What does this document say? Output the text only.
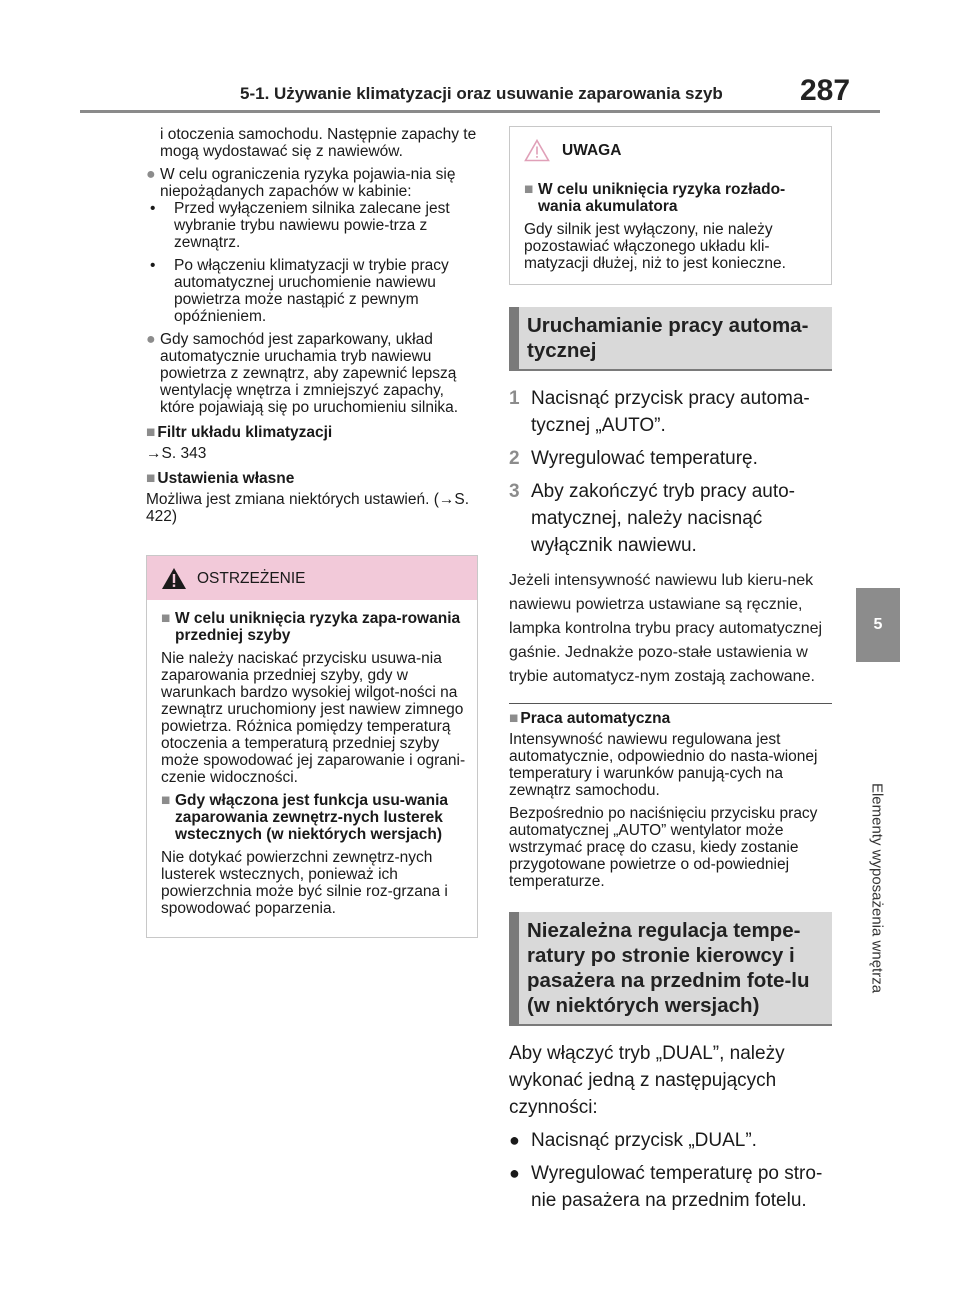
5-1. Używanie klimatyzacji oraz usuwanie zaparowania szyb	287
5
Elementy wyposażenia wnętrza

i otoczenia samochodu. Następnie zapachy te mogą wydostawać się z nawiewów.

● W celu ograniczenia ryzyka pojawia-nia się niepożądanych zapachów w kabinie:

• Przed wyłączeniem silnika zalecane jest wybranie trybu nawiewu powie-trza z zewnątrz.

• Po włączeniu klimatyzacji w trybie pracy automatycznej uruchomienie nawiewu powietrza może nastąpić z pewnym opóźnieniem.

● Gdy samochód jest zaparkowany, układ automatycznie uruchamia tryb nawiewu powietrza z zewnątrz, aby zapewnić lepszą wentylację wnętrza i zmniejszyć zapachy, które pojawiają się po uruchomieniu silnika.

■ Filtr układu klimatyzacji

→S. 343

■ Ustawienia własne

Możliwa jest zmiana niektórych ustawień. (→S. 422)

OSTRZEŻENIE
■ W celu uniknięcia ryzyka zapa-rowania przedniej szyby

Nie należy naciskać przycisku usuwa-nia zaparowania przedniej szyby, gdy w warunkach bardzo wysokiej wilgot-ności na zewnątrz uruchomiony jest nawiew zimnego powietrza. Różnica pomiędzy temperaturą otoczenia a temperaturą przedniej szyby może spowodować jej zaparowanie i ograni-czenie widoczności.

■ Gdy włączona jest funkcja usu-wania zaparowania zewnętrz-nych lusterek wstecznych (w niektórych wersjach)

Nie dotykać powierzchni zewnętrz-nych lusterek wstecznych, ponieważ ich powierzchnia może być silnie roz-grzana i spowodować poparzenia.

UWAGA
■ W celu uniknięcia ryzyka rozłado-wania akumulatora

Gdy silnik jest wyłączony, nie należy pozostawiać włączonego układu kli-matyzacji dłużej, niż to jest konieczne.

Uruchamianie pracy automa-tycznej
1 Nacisnąć przycisk pracy automa-tycznej „AUTO”.
2 Wyregulować temperaturę.
3 Aby zakończyć tryb pracy auto-matycznej, należy nacisnąć wyłącznik nawiewu.

Jeżeli intensywność nawiewu lub kieru-nek nawiewu powietrza ustawiane są ręcznie, lampka kontrolna trybu pracy automatycznej gaśnie. Jednakże pozo-stałe ustawienia w trybie automatycz-nym zostają zachowane.

■ Praca automatyczna

Intensywność nawiewu regulowana jest automatycznie, odpowiednio do nasta-wionej temperatury i warunków panują-cych na zewnątrz samochodu.

Bezpośrednio po naciśnięciu przycisku pracy automatycznej „AUTO” wentylator może wstrzymać pracę do czasu, kiedy zostanie przygotowane powietrze o od-powiedniej temperaturze.

Niezależna regulacja tempe-ratury po stronie kierowcy i pasażera na przednim fote-lu (w niektórych wersjach)

Aby włączyć tryb „DUAL”, należy wykonać jedną z następujących czynności:

● Nacisnąć przycisk „DUAL”.
● Wyregulować temperaturę po stro-nie pasażera na przednim fotelu.
